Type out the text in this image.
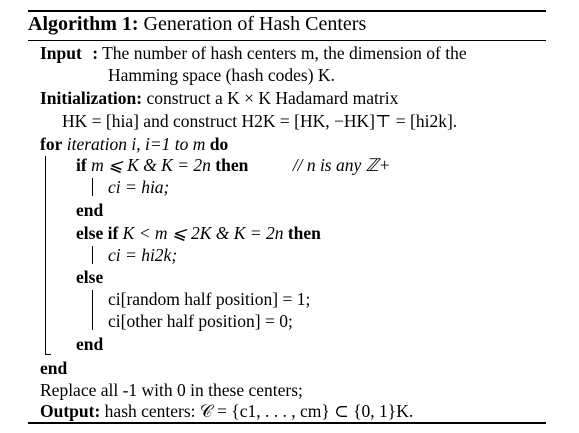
Algorithm 1: Generation of Hash Centers
Input : The number of hash centers m, the dimension of the
Hamming space (hash codes) K.
Initialization: construct a K × K Hadamard matrix
HK = [hia] and construct H2K = [HK, −HK]⊤ = [hi2k].
for iteration i, i=1 to m do
if m ⩽ K & K = 2n then	// n is any ℤ+
ci = hia;
end
else if K < m ⩽ 2K & K = 2n then
ci = hi2k;
else
ci[random half position] = 1;
ci[other half position] = 0;
end
end
Replace all -1 with 0 in these centers;
Output: hash centers: 𝒞 = {c1, . . . , cm} ⊂ {0, 1}K.
